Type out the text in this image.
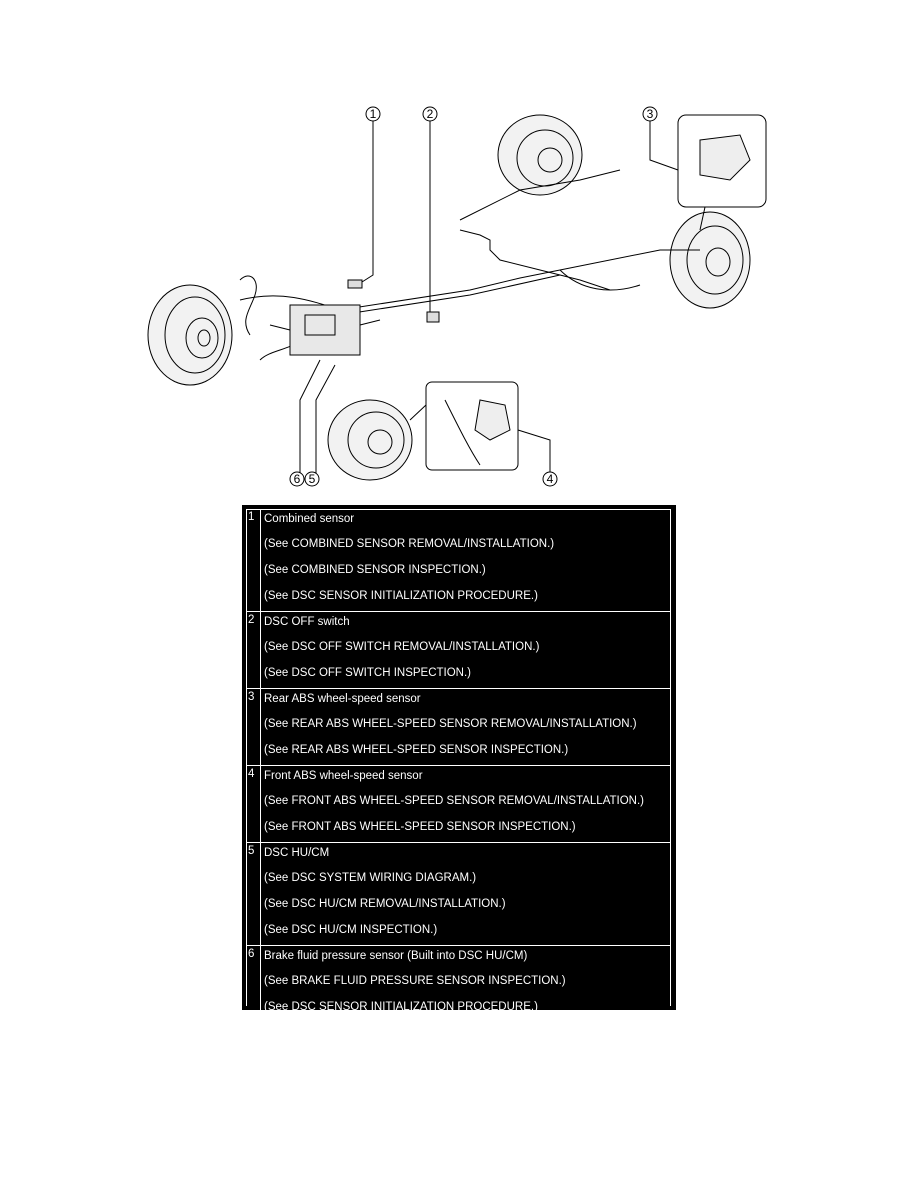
1	2	3
4
5
6
1	Combined sensor
(See COMBINED SENSOR REMOVAL/INSTALLATION.)
(See COMBINED SENSOR INSPECTION.)
(See DSC SENSOR INITIALIZATION PROCEDURE.)

2	DSC OFF switch
(See DSC OFF SWITCH REMOVAL/INSTALLATION.)
(See DSC OFF SWITCH INSPECTION.)

3	Rear ABS wheel-speed sensor
(See REAR ABS WHEEL-SPEED SENSOR REMOVAL/INSTALLATION.)
(See REAR ABS WHEEL-SPEED SENSOR INSPECTION.)

4	Front ABS wheel-speed sensor
(See FRONT ABS WHEEL-SPEED SENSOR REMOVAL/INSTALLATION.)
(See FRONT ABS WHEEL-SPEED SENSOR INSPECTION.)

5	DSC HU/CM
(See DSC SYSTEM WIRING DIAGRAM.)
(See DSC HU/CM REMOVAL/INSTALLATION.)
(See DSC HU/CM INSPECTION.)

6	Brake fluid pressure sensor (Built into DSC HU/CM)
(See BRAKE FLUID PRESSURE SENSOR INSPECTION.)
(See DSC SENSOR INITIALIZATION PROCEDURE.)
